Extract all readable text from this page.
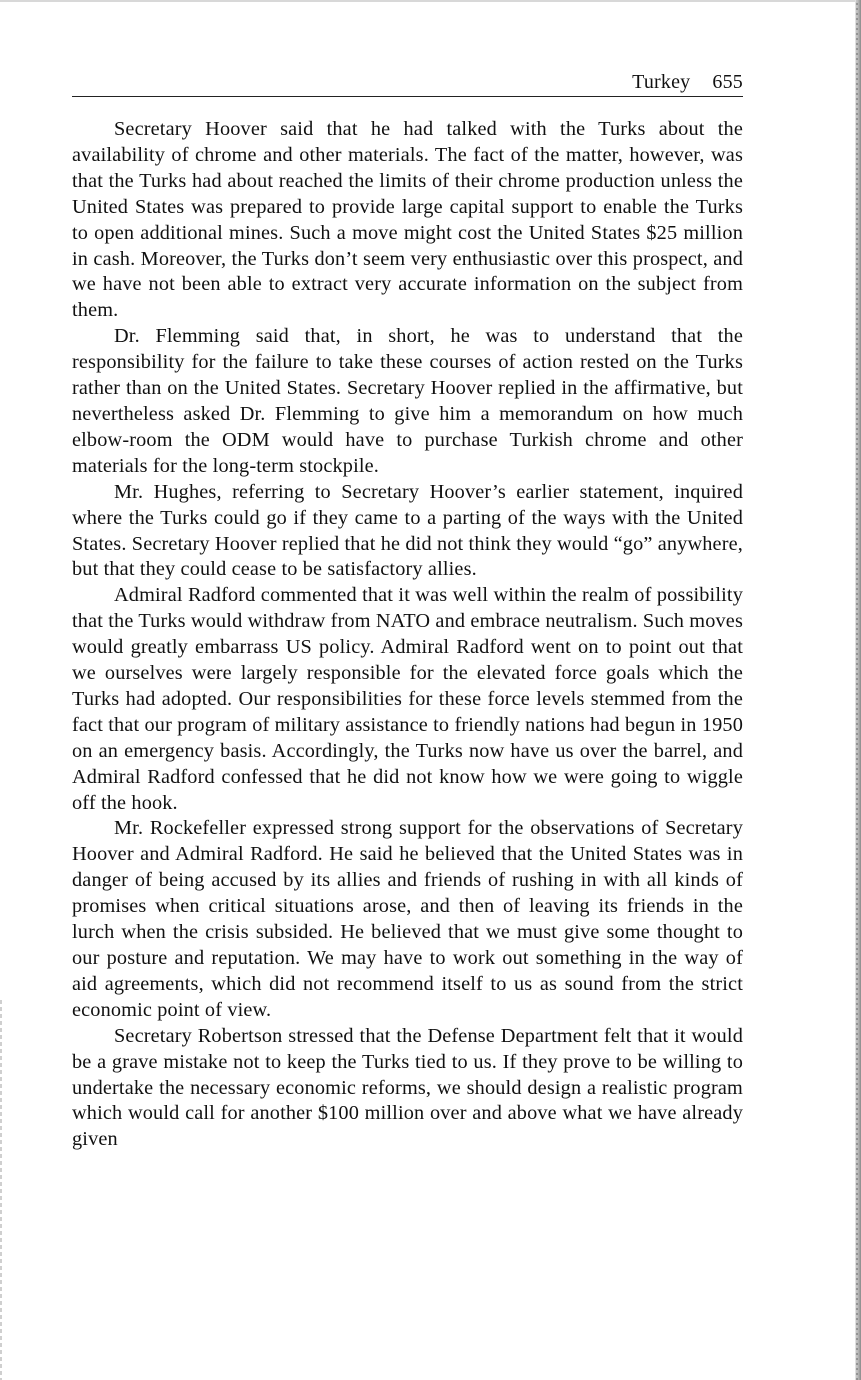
Turkey 655

Secretary Hoover said that he had talked with the Turks about the availability of chrome and other materials. The fact of the matter, however, was that the Turks had about reached the limits of their chrome production unless the United States was prepared to provide large capital support to enable the Turks to open additional mines. Such a move might cost the United States $25 million in cash. Moreover, the Turks don’t seem very enthusiastic over this prospect, and we have not been able to extract very accurate information on the subject from them.

Dr. Flemming said that, in short, he was to understand that the responsibility for the failure to take these courses of action rested on the Turks rather than on the United States. Secretary Hoover replied in the affirmative, but nevertheless asked Dr. Flemming to give him a memorandum on how much elbow-room the ODM would have to purchase Turkish chrome and other materials for the long-term stockpile.

Mr. Hughes, referring to Secretary Hoover’s earlier statement, inquired where the Turks could go if they came to a parting of the ways with the United States. Secretary Hoover replied that he did not think they would “go” anywhere, but that they could cease to be satisfactory allies.

Admiral Radford commented that it was well within the realm of possibility that the Turks would withdraw from NATO and embrace neutralism. Such moves would greatly embarrass US policy. Admiral Radford went on to point out that we ourselves were largely responsible for the elevated force goals which the Turks had adopted. Our responsibilities for these force levels stemmed from the fact that our program of military assistance to friendly nations had begun in 1950 on an emergency basis. Accordingly, the Turks now have us over the barrel, and Admiral Radford confessed that he did not know how we were going to wiggle off the hook.

Mr. Rockefeller expressed strong support for the observations of Secretary Hoover and Admiral Radford. He said he believed that the United States was in danger of being accused by its allies and friends of rushing in with all kinds of promises when critical situations arose, and then of leaving its friends in the lurch when the crisis subsided. He believed that we must give some thought to our posture and reputation. We may have to work out something in the way of aid agreements, which did not recommend itself to us as sound from the strict economic point of view.

Secretary Robertson stressed that the Defense Department felt that it would be a grave mistake not to keep the Turks tied to us. If they prove to be willing to undertake the necessary economic reforms, we should design a realistic program which would call for another $100 million over and above what we have already given
